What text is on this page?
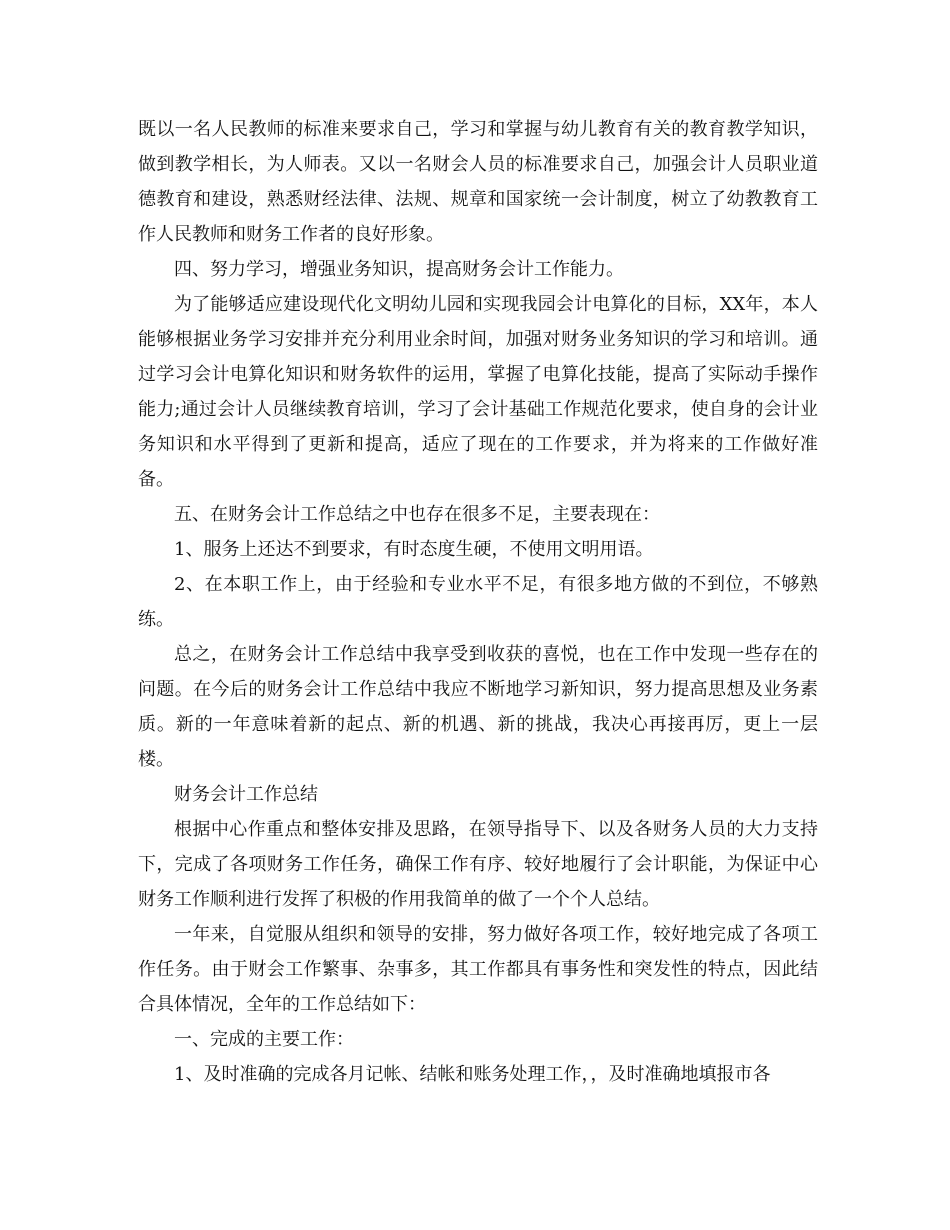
既以一名人民教师的标准来要求自己，学习和掌握与幼儿教育有关的教育教学知识，做到教学相长，为人师表。又以一名财会人员的标准要求自己，加强会计人员职业道德教育和建设，熟悉财经法律、法规、规章和国家统一会计制度，树立了幼教教育工作人民教师和财务工作者的良好形象。

四、努力学习，增强业务知识，提高财务会计工作能力。

为了能够适应建设现代化文明幼儿园和实现我园会计电算化的目标，XX年，本人能够根据业务学习安排并充分利用业余时间，加强对财务业务知识的学习和培训。通过学习会计电算化知识和财务软件的运用，掌握了电算化技能，提高了实际动手操作能力;通过会计人员继续教育培训，学习了会计基础工作规范化要求，使自身的会计业务知识和水平得到了更新和提高，适应了现在的工作要求，并为将来的工作做好准备。

五、在财务会计工作总结之中也存在很多不足，主要表现在：

1、服务上还达不到要求，有时态度生硬，不使用文明用语。

2、在本职工作上，由于经验和专业水平不足，有很多地方做的不到位，不够熟练。

总之，在财务会计工作总结中我享受到收获的喜悦，也在工作中发现一些存在的问题。在今后的财务会计工作总结中我应不断地学习新知识，努力提高思想及业务素质。新的一年意味着新的起点、新的机遇、新的挑战，我决心再接再厉，更上一层楼。

财务会计工作总结

根据中心作重点和整体安排及思路，在领导指导下、以及各财务人员的大力支持下，完成了各项财务工作任务，确保工作有序、较好地履行了会计职能，为保证中心财务工作顺利进行发挥了积极的作用我简单的做了一个个人总结。

一年来，自觉服从组织和领导的安排，努力做好各项工作，较好地完成了各项工作任务。由于财会工作繁事、杂事多，其工作都具有事务性和突发性的特点，因此结合具体情况，全年的工作总结如下：

一、完成的主要工作：

1、及时准确的完成各月记帐、结帐和账务处理工作，，及时准确地填报市各
